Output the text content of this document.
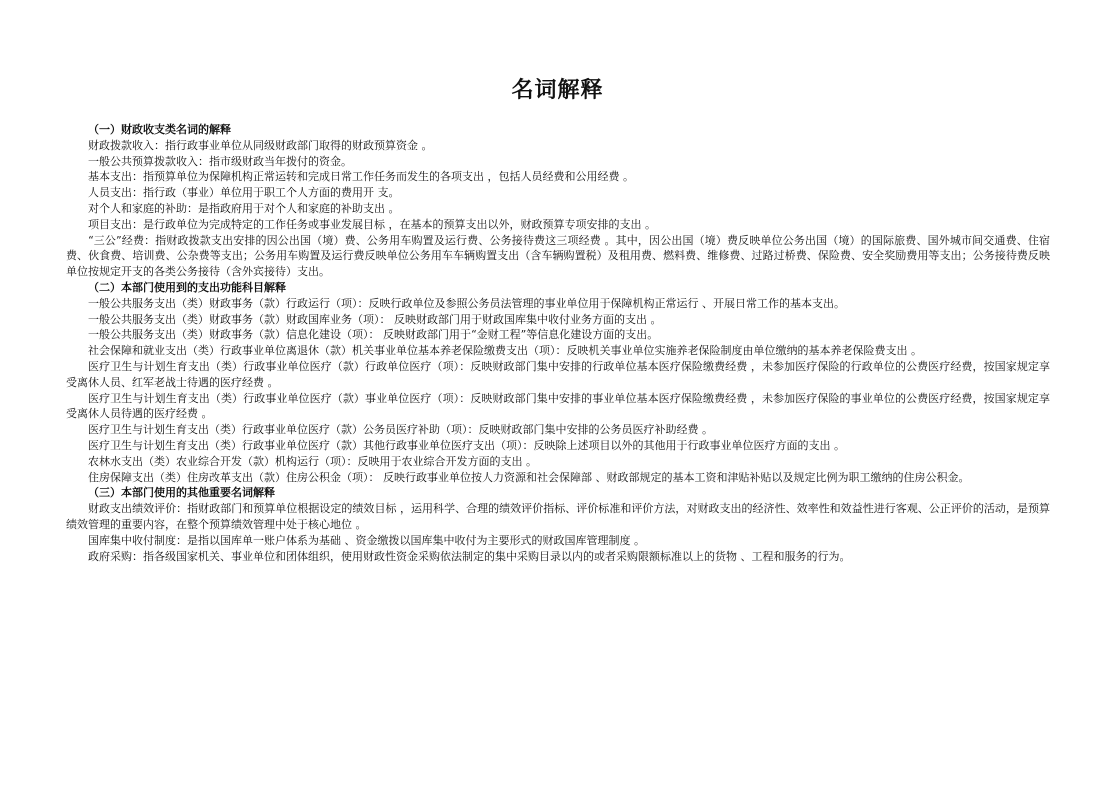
名词解释

（一）财政收支类名词的解释

财政拨款收入：指行政事业单位从同级财政部门取得的财政预算资金 。

一般公共预算拨款收入：指市级财政当年拨付的资金。

基本支出：指预算单位为保障机构正常运转和完成日常工作任务而发生的各项支出 ，包括人员经费和公用经费 。

人员支出：指行政（事业）单位用于职工个人方面的费用开 支。

对个人和家庭的补助：是指政府用于对个人和家庭的补助支出 。

项目支出：是行政单位为完成特定的工作任务或事业发展目标 ，在基本的预算支出以外，财政预算专项安排的支出 。

“三公”经费：指财政拨款支出安排的因公出国（境）费、公务用车购置及运行费、公务接待费这三项经费 。其中，因公出国（境）费反映单位公务出国（境）的国际旅费、国外城市间交通费、住宿费、伙食费、培训费、公杂费等支出；公务用车购置及运行费反映单位公务用车车辆购置支出（含车辆购置税）及租用费、燃料费、维修费、过路过桥费、保险费、安全奖励费用等支出；公务接待费反映单位按规定开支的各类公务接待（含外宾接待）支出。

（二）本部门使用到的支出功能科目解释

一般公共服务支出（类）财政事务（款）行政运行（项）：反映行政单位及参照公务员法管理的事业单位用于保障机构正常运行 、开展日常工作的基本支出。

一般公共服务支出（类）财政事务（款）财政国库业务（项）： 反映财政部门用于财政国库集中收付业务方面的支出 。

一般公共服务支出（类）财政事务（款）信息化建设（项）： 反映财政部门用于“金财工程”等信息化建设方面的支出。

社会保障和就业支出（类）行政事业单位离退休（款）机关事业单位基本养老保险缴费支出（项）：反映机关事业单位实施养老保险制度由单位缴纳的基本养老保险费支出 。

医疗卫生与计划生育支出（类）行政事业单位医疗（款）行政单位医疗（项）：反映财政部门集中安排的行政单位基本医疗保险缴费经费 ，未参加医疗保险的行政单位的公费医疗经费，按国家规定享受离休人员、红军老战士待遇的医疗经费 。

医疗卫生与计划生育支出（类）行政事业单位医疗（款）事业单位医疗（项）：反映财政部门集中安排的事业单位基本医疗保险缴费经费 ，未参加医疗保险的事业单位的公费医疗经费，按国家规定享受离休人员待遇的医疗经费 。

医疗卫生与计划生育支出（类）行政事业单位医疗（款）公务员医疗补助（项）：反映财政部门集中安排的公务员医疗补助经费 。

医疗卫生与计划生育支出（类）行政事业单位医疗（款）其他行政事业单位医疗支出（项）：反映除上述项目以外的其他用于行政事业单位医疗方面的支出 。

农林水支出（类）农业综合开发（款）机构运行（项）：反映用于农业综合开发方面的支出 。

住房保障支出（类）住房改革支出（款）住房公积金（项）： 反映行政事业单位按人力资源和社会保障部 、财政部规定的基本工资和津贴补贴以及规定比例为职工缴纳的住房公积金。

（三）本部门使用的其他重要名词解释

财政支出绩效评价：指财政部门和预算单位根据设定的绩效目标 ，运用科学、合理的绩效评价指标、评价标准和评价方法，对财政支出的经济性、效率性和效益性进行客观、公正评价的活动，是预算绩效管理的重要内容，在整个预算绩效管理中处于核心地位 。

国库集中收付制度：是指以国库单一账户体系为基础 、资金缴拨以国库集中收付为主要形式的财政国库管理制度 。

政府采购：指各级国家机关、事业单位和团体组织，使用财政性资金采购依法制定的集中采购目录以内的或者采购限额标准以上的货物 、工程和服务的行为。
